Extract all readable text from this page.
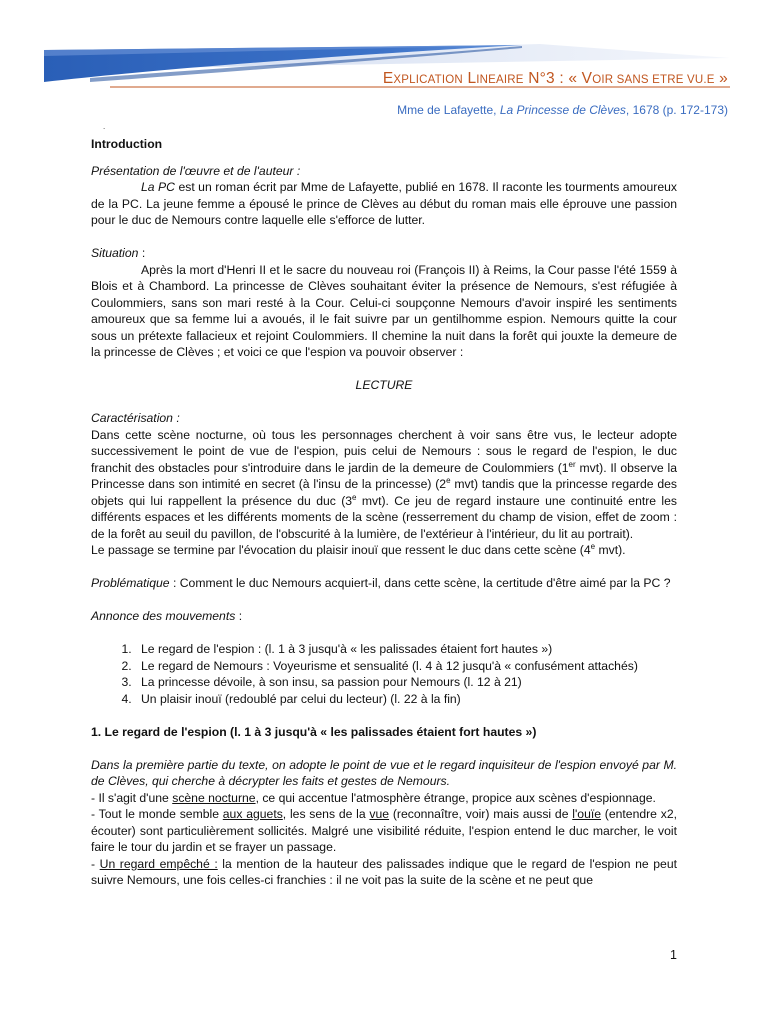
EXPLICATION LINEAIRE N°3 : « VOIR SANS ETRE VU.E »
Mme de Lafayette, La Princesse de Clèves, 1678 (p. 172-173)
.

Introduction

Présentation de l'œuvre et de l'auteur :

La PC est un roman écrit par Mme de Lafayette, publié en 1678. Il raconte les tourments amoureux de la PC. La jeune femme a épousé le prince de Clèves au début du roman mais elle éprouve une passion pour le duc de Nemours contre laquelle elle s'efforce de lutter.

Situation :

Après la mort d'Henri II et le sacre du nouveau roi (François II) à Reims, la Cour passe l'été 1559 à Blois et à Chambord. La princesse de Clèves souhaitant éviter la présence de Nemours, s'est réfugiée à Coulommiers, sans son mari resté à la Cour. Celui-ci soupçonne Nemours d'avoir inspiré les sentiments amoureux que sa femme lui a avoués, il le fait suivre par un gentilhomme espion. Nemours quitte la cour sous un prétexte fallacieux et rejoint Coulommiers. Il chemine la nuit dans la forêt qui jouxte la demeure de la princesse de Clèves ; et voici ce que l'espion va pouvoir observer :

LECTURE

Caractérisation :

Dans cette scène nocturne, où tous les personnages cherchent à voir sans être vus, le lecteur adopte successivement le point de vue de l'espion, puis celui de Nemours : sous le regard de l'espion, le duc franchit des obstacles pour s'introduire dans le jardin de la demeure de Coulommiers (1er mvt). Il observe la Princesse dans son intimité en secret (à l'insu de la princesse) (2e mvt) tandis que la princesse regarde des objets qui lui rappellent la présence du duc (3e mvt). Ce jeu de regard instaure une continuité entre les différents espaces et les différents moments de la scène (resserrement du champ de vision, effet de zoom : de la forêt au seuil du pavillon, de l'obscurité à la lumière, de l'extérieur à l'intérieur, du lit au portrait).

Le passage se termine par l'évocation du plaisir inouï que ressent le duc dans cette scène (4e mvt).

Problématique : Comment le duc Nemours acquiert-il, dans cette scène, la certitude d'être aimé par la PC ?

Annonce des mouvements :

1. Le regard de l'espion : (l. 1 à 3 jusqu'à « les palissades étaient fort hautes »)
2. Le regard de Nemours : Voyeurisme et sensualité (l. 4 à 12 jusqu'à « confusément attachés)
3. La princesse dévoile, à son insu, sa passion pour Nemours (l. 12 à 21)
4. Un plaisir inouï (redoublé par celui du lecteur) (l. 22 à la fin)

1. Le regard de l'espion (l. 1 à 3 jusqu'à « les palissades étaient fort hautes »)

Dans la première partie du texte, on adopte le point de vue et le regard inquisiteur de l'espion envoyé par M. de Clèves, qui cherche à décrypter les faits et gestes de Nemours.

- Il s'agit d'une scène nocturne, ce qui accentue l'atmosphère étrange, propice aux scènes d'espionnage.

- Tout le monde semble aux aguets, les sens de la vue (reconnaître, voir) mais aussi de l'ouïe (entendre x2, écouter) sont particulièrement sollicités. Malgré une visibilité réduite, l'espion entend le duc marcher, le voit faire le tour du jardin et se frayer un passage.

- Un regard empêché : la mention de la hauteur des palissades indique que le regard de l'espion ne peut suivre Nemours, une fois celles-ci franchies : il ne voit pas la suite de la scène et ne peut que

1
